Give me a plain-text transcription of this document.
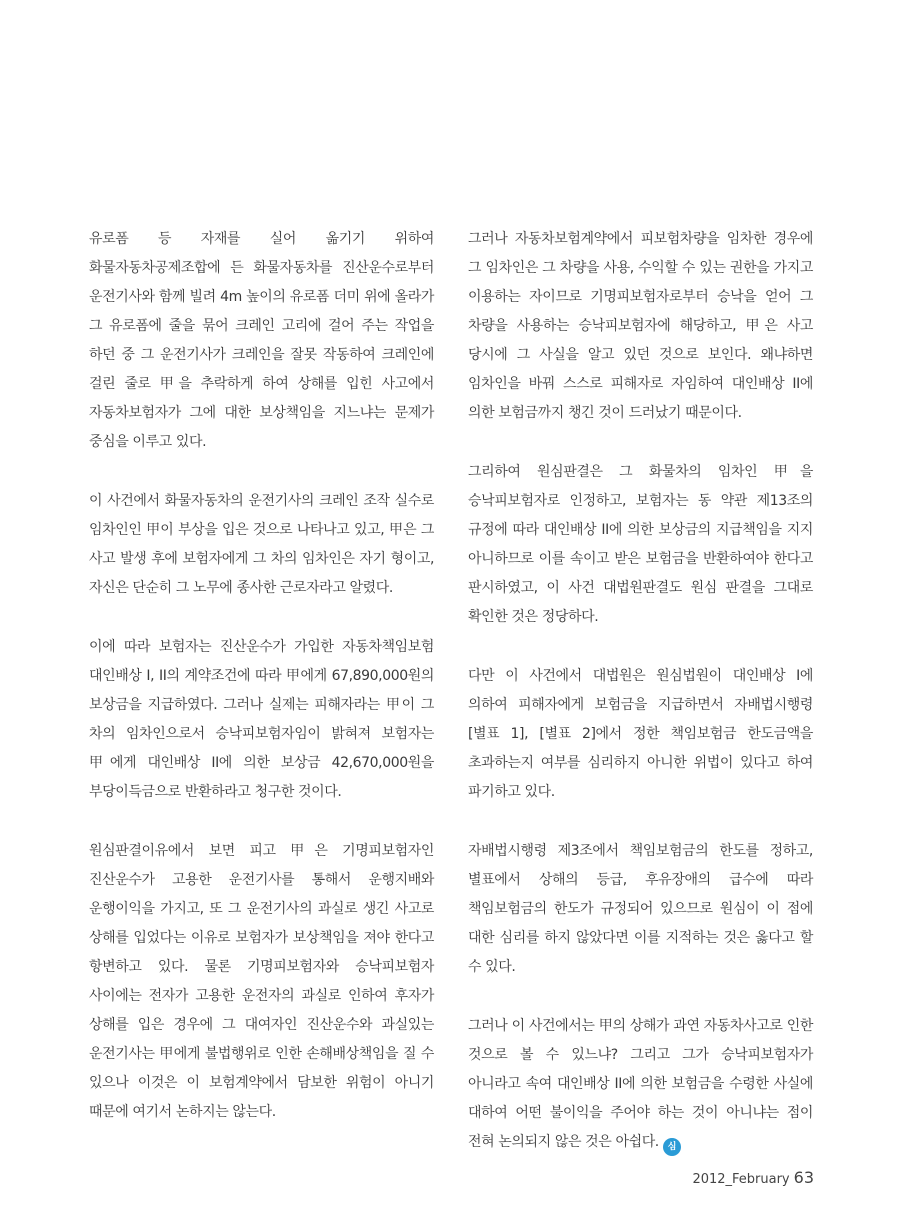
유로폼 등 자재를 실어 옮기기 위하여 화물자동차공제조합에 든 화물자동차를 진산운수로부터 운전기사와 함께 빌려 4m 높이의 유로폼 더미 위에 올라가 그 유로폼에 줄을 묶어 크레인 고리에 걸어 주는 작업을 하던 중 그 운전기사가 크레인을 잘못 작동하여 크레인에 걸린 줄로 甲을 추락하게 하여 상해를 입힌 사고에서 자동차보험자가 그에 대한 보상책임을 지느냐는 문제가 중심을 이루고 있다.

이 사건에서 화물자동차의 운전기사의 크레인 조작 실수로 임차인인 甲이 부상을 입은 것으로 나타나고 있고, 甲은 그 사고 발생 후에 보험자에게 그 차의 임차인은 자기 형이고, 자신은 단순히 그 노무에 종사한 근로자라고 알렸다.

이에 따라 보험자는 진산운수가 가입한 자동차책임보험 대인배상 I, II의 계약조건에 따라 甲에게 67,890,000원의 보상금을 지급하였다. 그러나 실제는 피해자라는 甲이 그 차의 임차인으로서 승낙피보험자임이 밝혀져 보험자는 甲에게 대인배상 II에 의한 보상금 42,670,000원을 부당이득금으로 반환하라고 청구한 것이다.

원심판결이유에서 보면 피고 甲은 기명피보험자인 진산운수가 고용한 운전기사를 통해서 운행지배와 운행이익을 가지고, 또 그 운전기사의 과실로 생긴 사고로 상해를 입었다는 이유로 보험자가 보상책임을 져야 한다고 항변하고 있다. 물론 기명피보험자와 승낙피보험자 사이에는 전자가 고용한 운전자의 과실로 인하여 후자가 상해를 입은 경우에 그 대여자인 진산운수와 과실있는 운전기사는 甲에게 불법행위로 인한 손해배상책임을 질 수 있으나 이것은 이 보험계약에서 담보한 위험이 아니기 때문에 여기서 논하지는 않는다.

그러나 자동차보험계약에서 피보험차량을 임차한 경우에 그 임차인은 그 차량을 사용, 수익할 수 있는 권한을 가지고 이용하는 자이므로 기명피보험자로부터 승낙을 얻어 그 차량을 사용하는 승낙피보험자에 해당하고, 甲은 사고 당시에 그 사실을 알고 있던 것으로 보인다. 왜냐하면 임차인을 바꿔 스스로 피해자로 자임하여 대인배상 II에 의한 보험금까지 챙긴 것이 드러났기 때문이다.

그리하여 원심판결은 그 화물차의 임차인 甲을 승낙피보험자로 인정하고, 보험자는 동 약관 제13조의 규정에 따라 대인배상 II에 의한 보상금의 지급책임을 지지 아니하므로 이를 속이고 받은 보험금을 반환하여야 한다고 판시하였고, 이 사건 대법원판결도 원심 판결을 그대로 확인한 것은 정당하다.

다만 이 사건에서 대법원은 원심법원이 대인배상 I에 의하여 피해자에게 보험금을 지급하면서 자배법시행령 [별표 1], [별표 2]에서 정한 책임보험금 한도금액을 초과하는지 여부를 심리하지 아니한 위법이 있다고 하여 파기하고 있다.

자배법시행령 제3조에서 책임보험금의 한도를 정하고, 별표에서 상해의 등급, 후유장애의 급수에 따라 책임보험금의 한도가 규정되어 있으므로 원심이 이 점에 대한 심리를 하지 않았다면 이를 지적하는 것은 옳다고 할 수 있다.

그러나 이 사건에서는 甲의 상해가 과연 자동차사고로 인한 것으로 볼 수 있느냐? 그리고 그가 승낙피보험자가 아니라고 속여 대인배상 II에 의한 보험금을 수령한 사실에 대하여 어떤 불이익을 주어야 하는 것이 아니냐는 점이 전혀 논의되지 않은 것은 아쉽다. 심

2012_February 63
